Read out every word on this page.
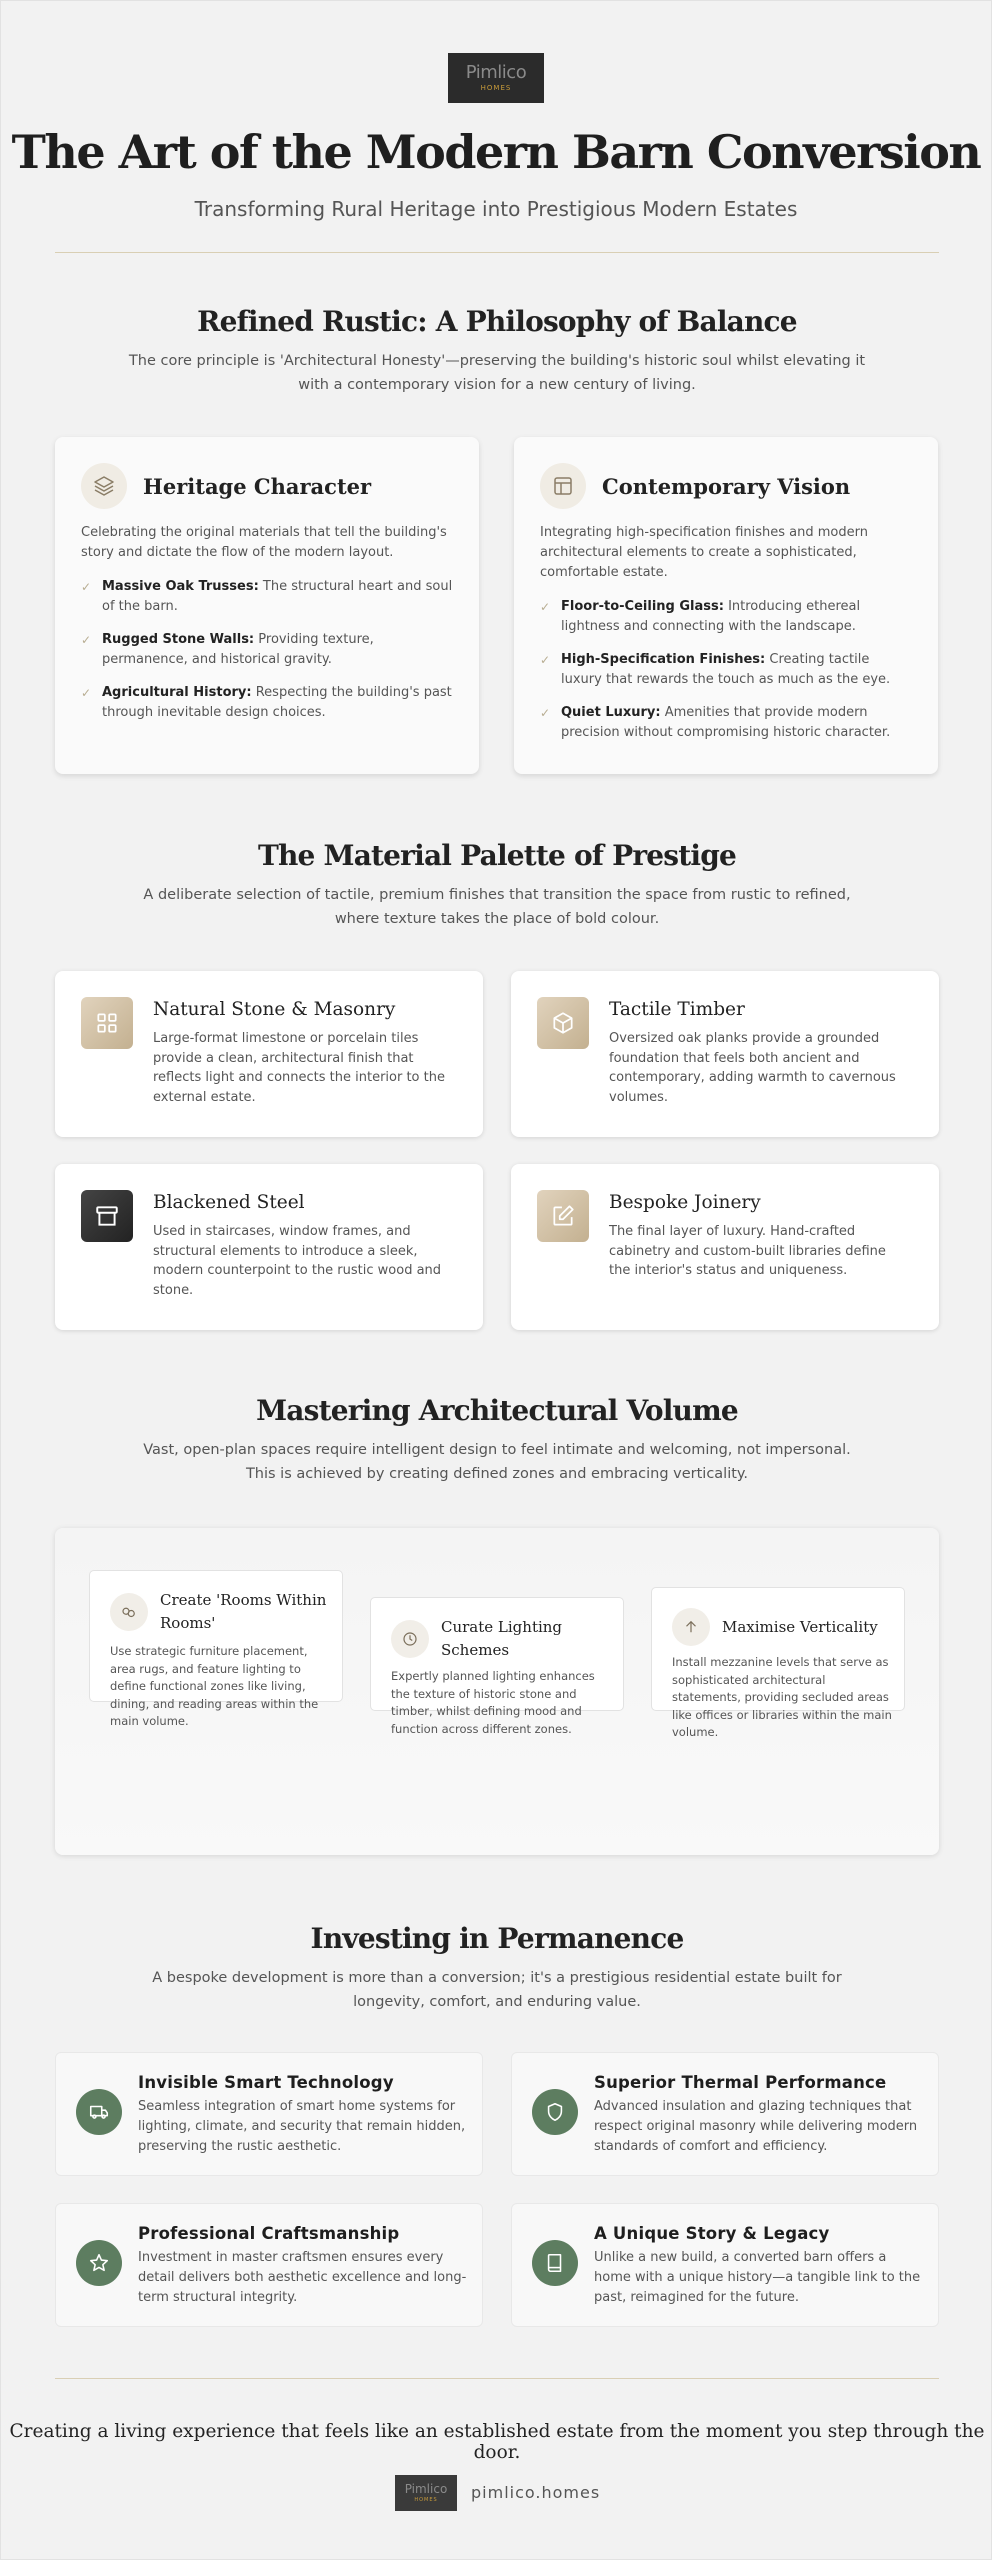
Pimlico
HOMES
The Art of the Modern Barn Conversion
Transforming Rural Heritage into Prestigious Modern Estates
Refined Rustic: A Philosophy of Balance

The core principle is 'Architectural Honesty'—preserving the building's historic soul whilst elevating it with a contemporary vision for a new century of living.

Heritage Character

Celebrating the original materials that tell the building's story and dictate the flow of the modern layout.

✓ Massive Oak Trusses: The structural heart and soul of the barn.
✓ Rugged Stone Walls: Providing texture, permanence, and historical gravity.
✓ Agricultural History: Respecting the building's past through inevitable design choices.
Contemporary Vision

Integrating high-specification finishes and modern architectural elements to create a sophisticated, comfortable estate.

✓ Floor-to-Ceiling Glass: Introducing ethereal lightness and connecting with the landscape.
✓ High-Specification Finishes: Creating tactile luxury that rewards the touch as much as the eye.
✓ Quiet Luxury: Amenities that provide modern precision without compromising historic character.
The Material Palette of Prestige

A deliberate selection of tactile, premium finishes that transition the space from rustic to refined, where texture takes the place of bold colour.

Natural Stone & Masonry
Large-format limestone or porcelain tiles provide a clean, architectural finish that reflects light and connects the interior to the external estate.
Tactile Timber
Oversized oak planks provide a grounded foundation that feels both ancient and contemporary, adding warmth to cavernous volumes.
Blackened Steel
Used in staircases, window frames, and structural elements to introduce a sleek, modern counterpoint to the rustic wood and stone.
Bespoke Joinery
The final layer of luxury. Hand-crafted cabinetry and custom-built libraries define the interior's status and uniqueness.
Mastering Architectural Volume

Vast, open-plan spaces require intelligent design to feel intimate and welcoming, not impersonal. This is achieved by creating defined zones and embracing verticality.

Create 'Rooms Within Rooms'
Use strategic furniture placement, area rugs, and feature lighting to define functional zones like living, dining, and reading areas within the main volume.
Curate Lighting Schemes
Expertly planned lighting enhances the texture of historic stone and timber, whilst defining mood and function across different zones.
Maximise Verticality
Install mezzanine levels that serve as sophisticated architectural statements, providing secluded areas like offices or libraries within the main volume.
Investing in Permanence

A bespoke development is more than a conversion; it's a prestigious residential estate built for longevity, comfort, and enduring value.

Invisible Smart Technology
Seamless integration of smart home systems for lighting, climate, and security that remain hidden, preserving the rustic aesthetic.
Superior Thermal Performance
Advanced insulation and glazing techniques that respect original masonry while delivering modern standards of comfort and efficiency.
Professional Craftsmanship
Investment in master craftsmen ensures every detail delivers both aesthetic excellence and long-term structural integrity.
A Unique Story & Legacy
Unlike a new build, a converted barn offers a home with a unique history—a tangible link to the past, reimagined for the future.

Creating a living experience that feels like an established estate from the moment you step through the door.

Pimlico
HOMES pimlico.homes
